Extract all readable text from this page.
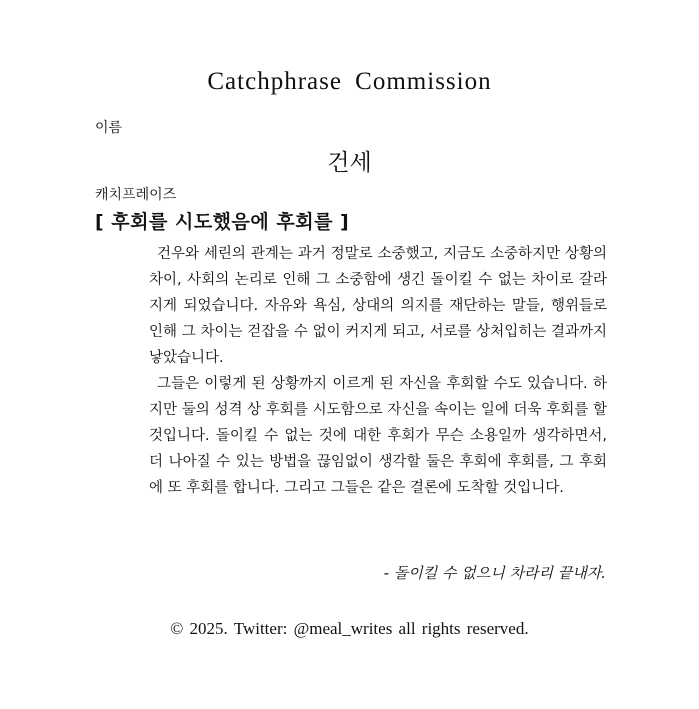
Catchphrase Commission
이름
건세
캐치프레이즈
[ 후회를 시도했음에 후회를 ]

건우와 세린의 관계는 과거 정말로 소중했고, 지금도 소중하지만 상황의 차이, 사회의 논리로 인해 그 소중함에 생긴 돌이킬 수 없는 차이로 갈라지게 되었습니다. 자유와 욕심, 상대의 의지를 재단하는 말들, 행위들로 인해 그 차이는 걷잡을 수 없이 커지게 되고, 서로를 상처입히는 결과까지 낳았습니다.

그들은 이렇게 된 상황까지 이르게 된 자신을 후회할 수도 있습니다. 하지만 둘의 성격 상 후회를 시도함으로 자신을 속이는 일에 더욱 후회를 할 것입니다. 돌이킬 수 없는 것에 대한 후회가 무슨 소용일까 생각하면서, 더 나아질 수 있는 방법을 끊임없이 생각할 둘은 후회에 후회를, 그 후회에 또 후회를 합니다. 그리고 그들은 같은 결론에 도착할 것입니다.

- 돌이킬 수 없으니 차라리 끝내자.
© 2025. Twitter: @meal_writes all rights reserved.
